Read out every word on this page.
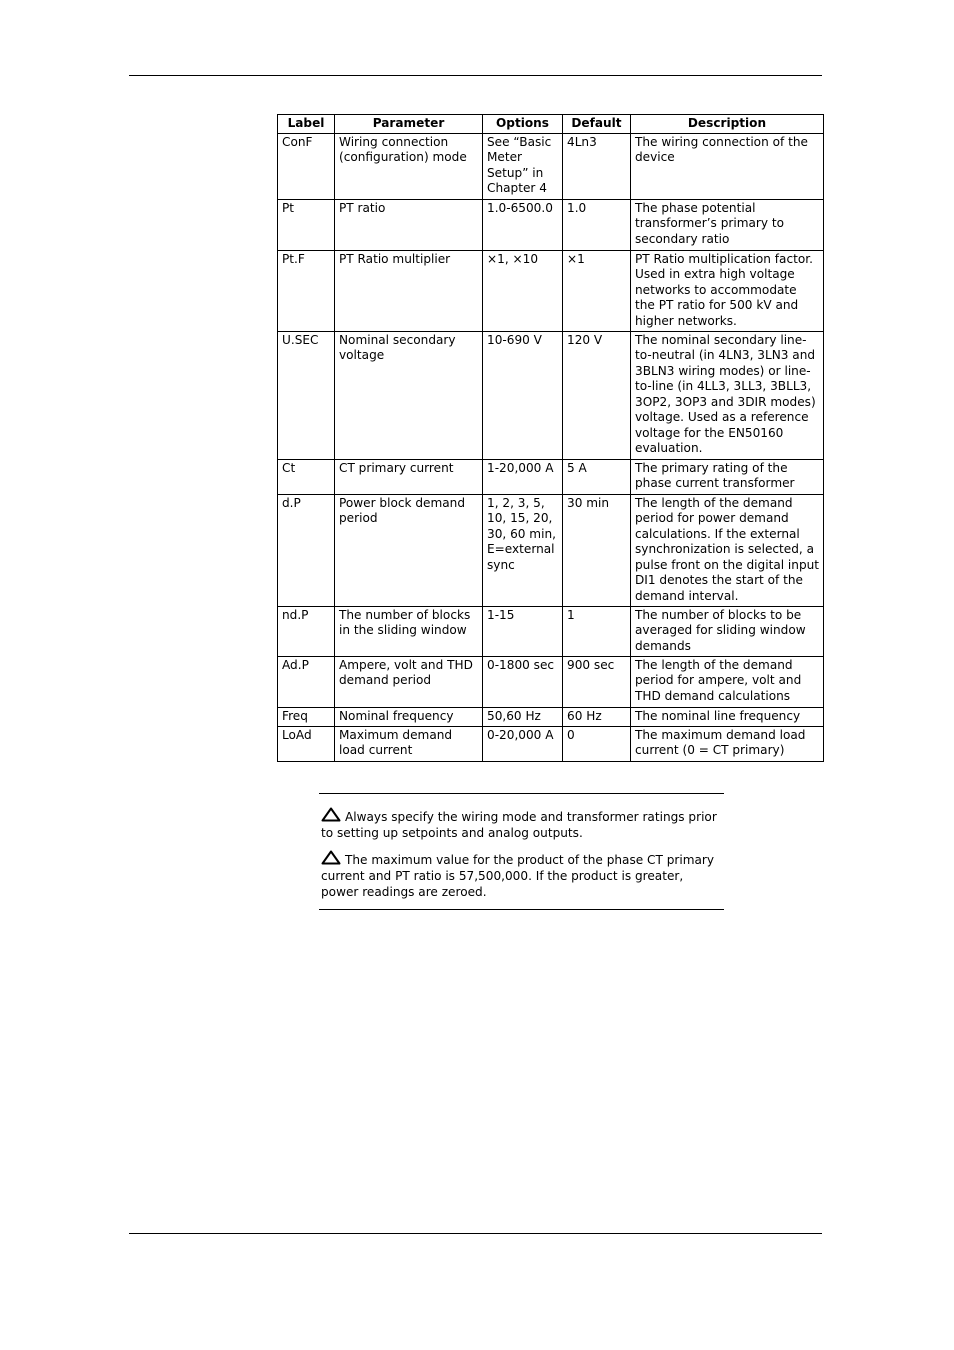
Label	Parameter	Options	Default	Description
ConF	Wiring connection (configuration) mode	See “Basic Meter Setup” in Chapter 4	4Ln3	The wiring connection of the device
Pt	PT ratio	1.0-6500.0	1.0	The phase potential transformer’s primary to secondary ratio
Pt.F	PT Ratio multiplier	×1, ×10	×1	PT Ratio multiplication factor. Used in extra high voltage networks to accommodate the PT ratio for 500 kV and higher networks.
U.SEC	Nominal secondary voltage	10-690 V	120 V	The nominal secondary line-to-neutral (in 4LN3, 3LN3 and 3BLN3 wiring modes) or line-to-line (in 4LL3, 3LL3, 3BLL3, 3OP2, 3OP3 and 3DIR modes) voltage. Used as a reference voltage for the EN50160 evaluation.
Ct	CT primary current	1-20,000 A	5 A	The primary rating of the phase current transformer
d.P	Power block demand period	1, 2, 3, 5, 10, 15, 20, 30, 60 min, E=external sync	30 min	The length of the demand period for power demand calculations. If the external synchronization is selected, a pulse front on the digital input DI1 denotes the start of the demand interval.
nd.P	The number of blocks in the sliding window	1-15	1	The number of blocks to be averaged for sliding window demands
Ad.P	Ampere, volt and THD demand period	0-1800 sec	900 sec	The length of the demand period for ampere, volt and THD demand calculations
Freq	Nominal frequency	50,60 Hz	60 Hz	The nominal line frequency
LoAd	Maximum demand load current	0-20,000 A	0	The maximum demand load current (0 = CT primary)

Always specify the wiring mode and transformer ratings prior to setting up setpoints and analog outputs.

The maximum value for the product of the phase CT primary current and PT ratio is 57,500,000. If the product is greater, power readings are zeroed.
